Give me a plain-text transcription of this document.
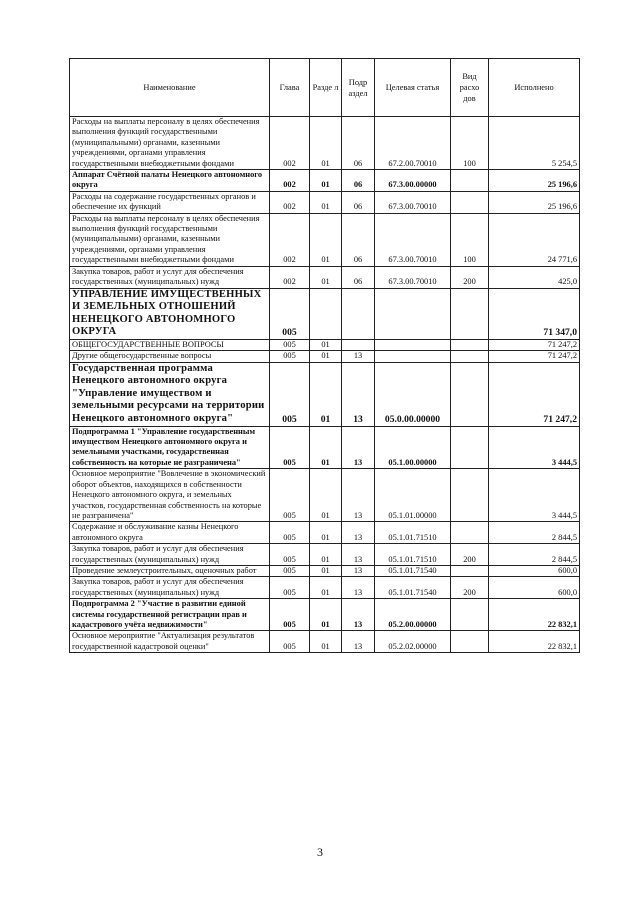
Наименование	Глава	Разде л	Подр аздел	Целевая статья	Вид расхо дов	Исполнено
Расходы на выплаты персоналу в целях обеспечения выполнения функций государственными (муниципальными) органами, казенными учреждениями, органами управления государственными внебюджетными фондами	002	01	06	67.2.00.70010	100	5 254,5
Аппарат Счётной палаты Ненецкого автономного округа	002	01	06	67.3.00.00000		25 196,6
Расходы на содержание государственных органов и обеспечение их функций	002	01	06	67.3.00.70010		25 196,6
Расходы на выплаты персоналу в целях обеспечения выполнения функций государственными (муниципальными) органами, казенными учреждениями, органами управления государственными внебюджетными фондами	002	01	06	67.3.00.70010	100	24 771,6
Закупка товаров, работ и услуг для обеспечения государственных (муниципальных) нужд	002	01	06	67.3.00.70010	200	425,0
УПРАВЛЕНИЕ ИМУЩЕСТВЕННЫХ И ЗЕМЕЛЬНЫХ ОТНОШЕНИЙ НЕНЕЦКОГО АВТОНОМНОГО ОКРУГА	005					71 347,0
ОБЩЕГОСУДАРСТВЕННЫЕ ВОПРОСЫ	005	01				71 247,2
Другие общегосударственные вопросы	005	01	13			71 247,2
Государственная программа Ненецкого автономного округа "Управление имуществом и земельными ресурсами на территории Ненецкого автономного округа"	005	01	13	05.0.00.00000		71 247,2
Подпрограмма 1 "Управление государственным имуществом Ненецкого автономного округа и земельными участками, государственная собственность на которые не разграничена"	005	01	13	05.1.00.00000		3 444,5
Основное мероприятие "Вовлечение в экономический оборот объектов, находящихся в собственности Ненецкого автономного округа, и земельных участков, государственная собственность на которые не разграничена"	005	01	13	05.1.01.00000		3 444,5
Содержание и обслуживание казны Ненецкого автономного округа	005	01	13	05.1.01.71510		2 844,5
Закупка товаров, работ и услуг для обеспечения государственных (муниципальных) нужд	005	01	13	05.1.01.71510	200	2 844,5
Проведение землеустроительных, оценочных работ	005	01	13	05.1.01.71540		600,0
Закупка товаров, работ и услуг для обеспечения государственных (муниципальных) нужд	005	01	13	05.1.01.71540	200	600,0
Подпрограмма 2 "Участие в развитии единой системы государственной регистрации прав и кадастрового учёта недвижимости"	005	01	13	05.2.00.00000		22 832,1
Основное мероприятие "Актуализация результатов государственной кадастровой оценки"	005	01	13	05.2.02.00000		22 832,1
3
